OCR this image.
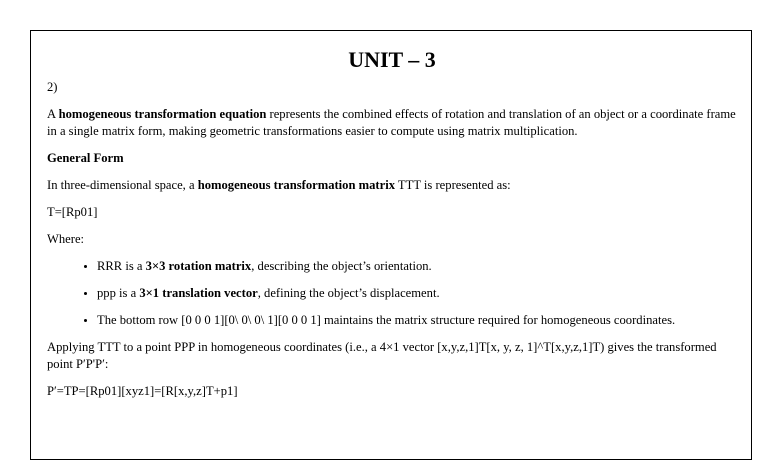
UNIT – 3

2)

A homogeneous transformation equation represents the combined effects of rotation and translation of an object or a coordinate frame in a single matrix form, making geometric transformations easier to compute using matrix multiplication.

General Form

In three-dimensional space, a homogeneous transformation matrix TTT is represented as:

T=[Rp01]

Where:

• RRR is a 3×3 rotation matrix, describing the object’s orientation.
• ppp is a 3×1 translation vector, defining the object’s displacement.
• The bottom row [0 0 0 1][0\ 0\ 0\ 1][0 0 0 1] maintains the matrix structure required for homogeneous coordinates.

Applying TTT to a point PPP in homogeneous coordinates (i.e., a 4×1 vector [x,y,z,1]T[x, y, z, 1]^T[x,y,z,1]T) gives the transformed point P′P'P′:

P′=TP=[Rp01][xyz1]=[R[x,y,z]T+p1]
